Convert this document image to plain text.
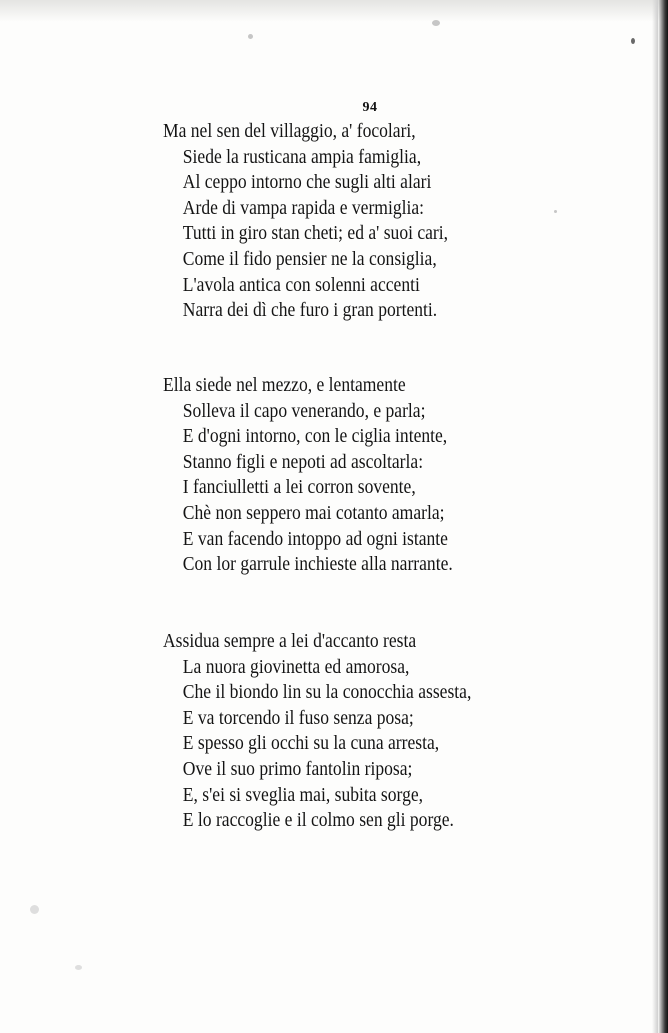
94
Ma nel sen del villaggio, a' focolari,
Siede la rusticana ampia famiglia,
Al ceppo intorno che sugli alti alari
Arde di vampa rapida e vermiglia:
Tutti in giro stan cheti; ed a' suoi cari,
Come il fido pensier ne la consiglia,
L'avola antica con solenni accenti
Narra dei dì che furo i gran portenti.
Ella siede nel mezzo, e lentamente
Solleva il capo venerando, e parla;
E d'ogni intorno, con le ciglia intente,
Stanno figli e nepoti ad ascoltarla:
I fanciulletti a lei corron sovente,
Chè non seppero mai cotanto amarla;
E van facendo intoppo ad ogni istante
Con lor garrule inchieste alla narrante.
Assidua sempre a lei d'accanto resta
La nuora giovinetta ed amorosa,
Che il biondo lin su la conocchia assesta,
E va torcendo il fuso senza posa;
E spesso gli occhi su la cuna arresta,
Ove il suo primo fantolin riposa;
E, s'ei si sveglia mai, subita sorge,
E lo raccoglie e il colmo sen gli porge.
